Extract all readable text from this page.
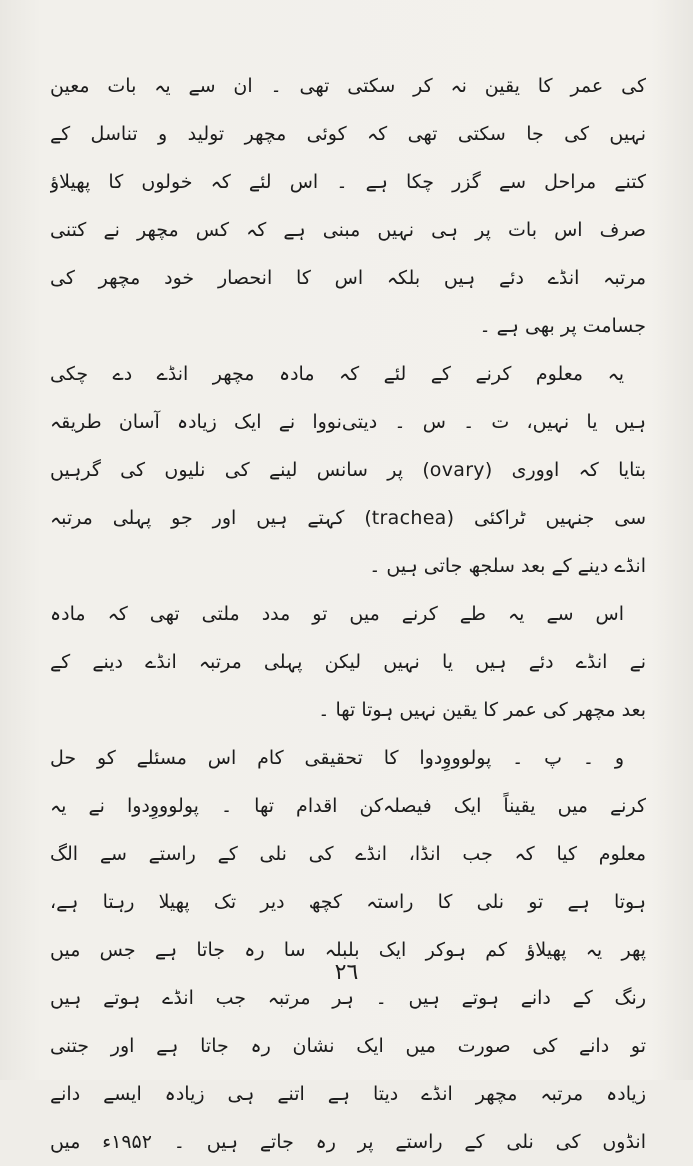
کی عمر کا یقین نہ کر سکتی تھی ۔ ان سے یہ بات معین
نہیں کی جا سکتی تھی کہ کوئی مچھر تولید و تناسل کے
کتنے مراحل سے گزر چکا ہے ۔ اس لئے کہ خولوں کا پھیلاؤ
صرف اس بات پر ہی نہیں مبنی ہے کہ کس مچھر نے کتنی
مرتبہ انڈے دئے ہیں بلکہ اس کا انحصار خود مچھر کی
جسامت پر بھی ہے ۔
یہ معلوم کرنے کے لئے کہ مادہ مچھر انڈے دے چکی
ہیں یا نہیں، ت ۔ س ۔ دیتی‌نووا نے ایک زیادہ آسان طریقہ
بتایا کہ اووری (ovary) پر سانس لینے کی نلیوں کی گرہیں
سی جنہیں ٹراکئی (trachea) کہتے ہیں اور جو پہلی مرتبہ
انڈے دینے کے بعد سلجھ جاتی ہیں ۔
اس سے یہ طے کرنے میں تو مدد ملتی تھی کہ مادہ
نے انڈے دئے ہیں یا نہیں لیکن پہلی مرتبہ انڈے دینے کے
بعد مچھر کی عمر کا یقین نہیں ہوتا تھا ۔
و ۔ پ ۔ پولوووِدوا کا تحقیقی کام اس مسئلے کو حل
کرنے میں یقیناً ایک فیصلہ‌کن اقدام تھا ۔ پولوووِدوا نے یہ
معلوم کیا کہ جب انڈا، انڈے کی نلی کے راستے سے الگ
ہوتا ہے تو نلی کا راستہ کچھ دیر تک پھیلا رہتا ہے،
پھر یہ پھیلاؤ کم ہوکر ایک بلبلہ سا رہ جاتا ہے جس میں
رنگ کے دانے ہوتے ہیں ۔ ہر مرتبہ جب انڈے ہوتے ہیں
تو دانے کی صورت میں ایک نشان رہ جاتا ہے اور جتنی
زیادہ مرتبہ مچھر انڈے دیتا ہے اتنے ہی زیادہ ایسے دانے
انڈوں کی نلی کے راستے پر رہ جاتے ہیں ۔ ۱۹۵۲ء میں
۲٦
